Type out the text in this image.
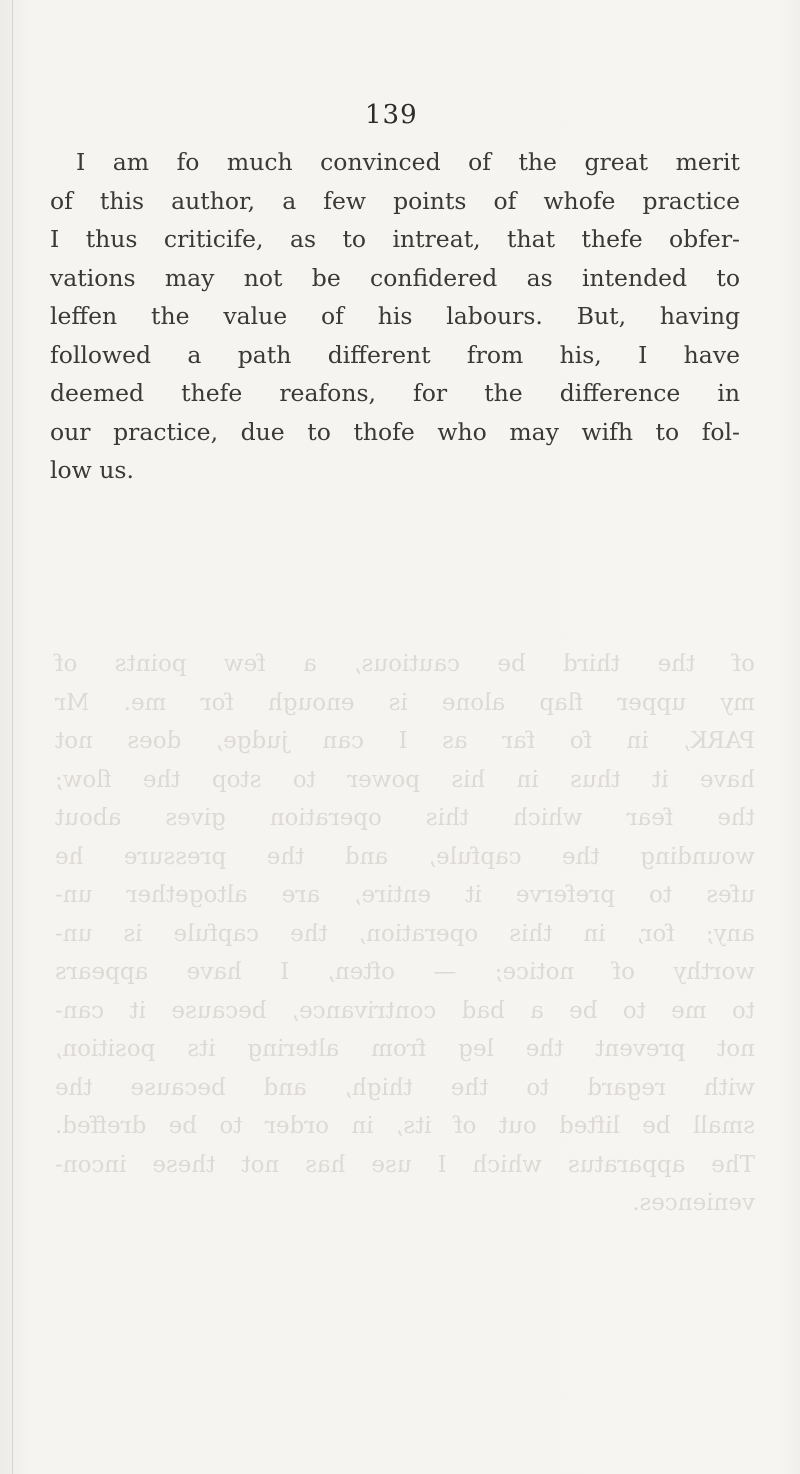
139
of the third be cautious, a few points of
my upper flap alone is enough for me. Mr
PARK, in fo far as I can judge, does not
have it thus in his power to stop the flow;
the fear which this operation gives about
wounding the capfule, and the pressure he
ufes to preferve it entire, are altogether un-
any; for, in this operation, the capfule is un-
worthy of notice; — often, I have appears
to me to be a bad contrivance, because it can-
not prevent the leg from altering its position,
with regard to the thigh, and because the
small be lifted out of its, in order to be dreffed.
The apparatus which I use has not these incon-
veniences.
I am fo much convinced of the great merit
of this author, a few points of whofe practice
I thus criticife, as to intreat, that thefe obfer-
vations may not be confidered as intended to
leffen the value of his labours. But, having
followed a path different from his, I have
deemed thefe reafons, for the difference in
our practice, due to thofe who may wifh to fol-
low us.
